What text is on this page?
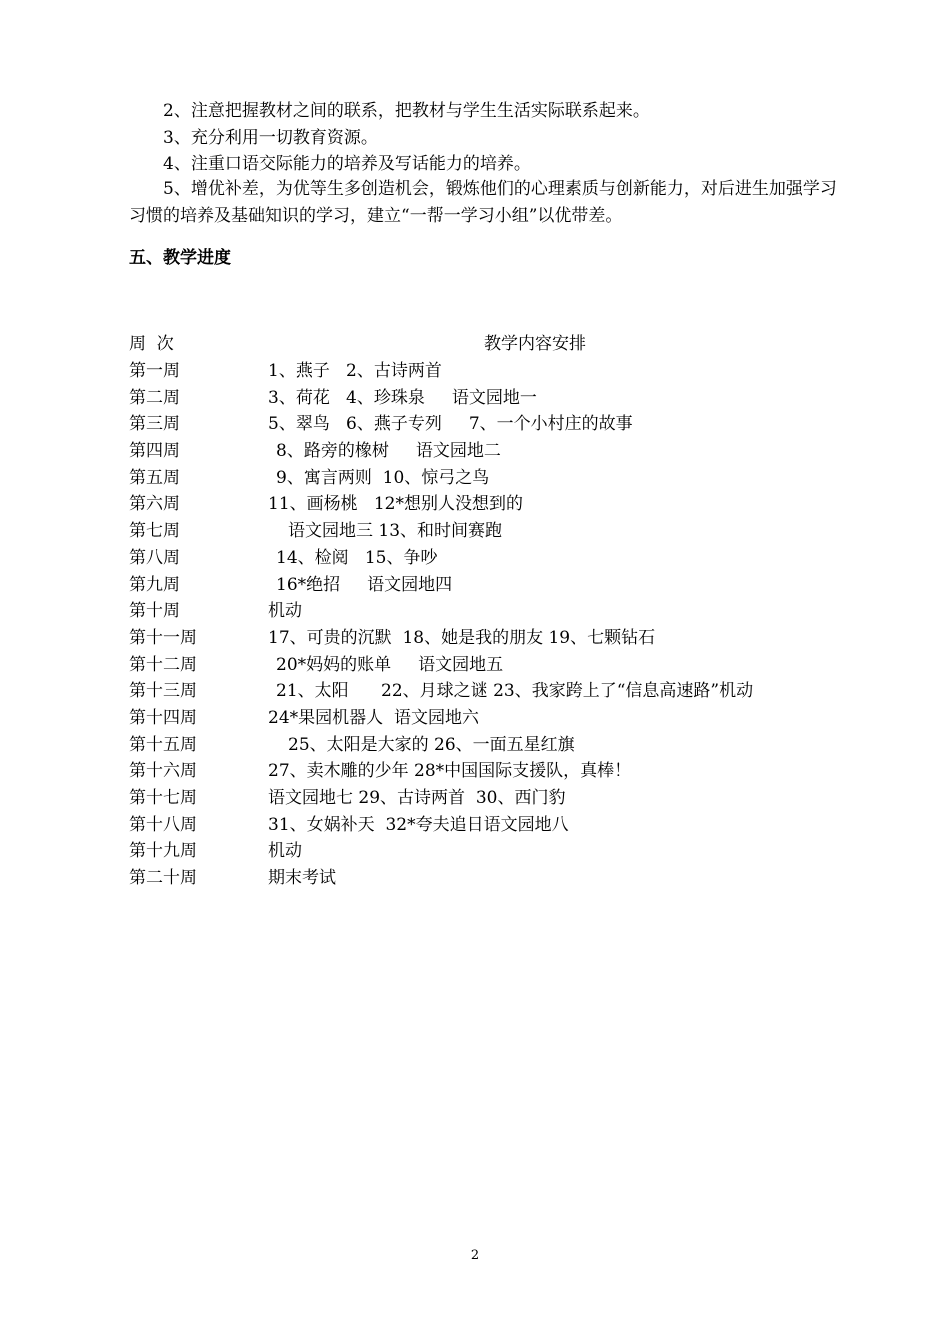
2、注意把握教材之间的联系，把教材与学生生活实际联系起来。

3、充分利用一切教育资源。

4、注重口语交际能力的培养及写话能力的培养。

5、增优补差，为优等生多创造机会，锻炼他们的心理素质与创新能力，对后进生加强学习习惯的培养及基础知识的学习，建立“一帮一学习小组”以优带差。

五、教学进度
周  次	教学内容安排
第一周	1、燕子   2、古诗两首
第二周	3、荷花   4、珍珠泉     语文园地一
第三周	5、翠鸟   6、燕子专列     7、一个小村庄的故事
第四周	8、路旁的橡树     语文园地二
第五周	9、寓言两则  10、惊弓之鸟
第六周	11、画杨桃   12*想别人没想到的
第七周	语文园地三 13、和时间赛跑
第八周	14、检阅   15、争吵
第九周	16*绝招     语文园地四
第十周	机动
第十一周	17、可贵的沉默  18、她是我的朋友 19、七颗钻石
第十二周	20*妈妈的账单     语文园地五
第十三周	21、太阳      22、月球之谜 23、我家跨上了“信息高速路”机动
第十四周	24*果园机器人  语文园地六
第十五周	25、太阳是大家的 26、一面五星红旗
第十六周	27、卖木雕的少年 28*中国国际支援队，真棒！
第十七周	语文园地七 29、古诗两首  30、西门豹
第十八周	31、女娲补天  32*夸夫追日语文园地八
第十九周	机动
第二十周	期末考试
2
